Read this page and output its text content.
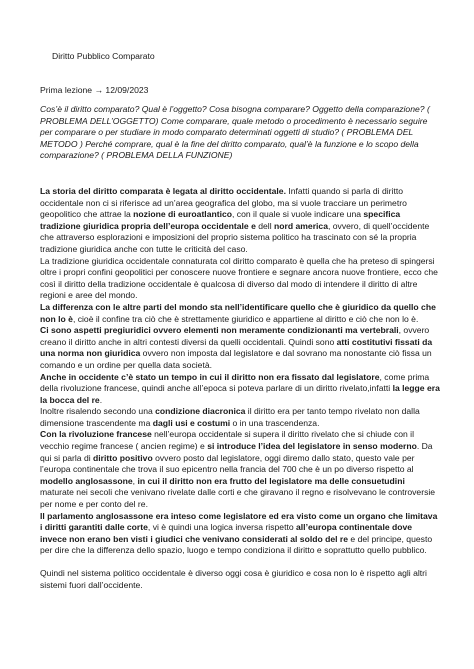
Diritto Pubblico Comparato
Prima lezione → 12/09/2023
Cos’è il diritto comparato? Qual è l’oggetto? Cosa bisogna comparare? Oggetto della comparazione? ( PROBLEMA DELL’OGGETTO) Come comparare, quale metodo o procedimento è necessario seguire per comparare o per studiare in modo comparato determinati oggetti di studio? ( PROBLEMA DEL METODO ) Perché comprare, qual è la fine del diritto comparato, qual’è la funzione e lo scopo della comparazione? ( PROBLEMA DELLA FUNZIONE)

La storia del diritto comparata è legata al diritto occidentale. Infatti quando si parla di diritto occidentale non ci si riferisce ad un’area geografica del globo, ma si vuole tracciare un perimetro geopolitico che attrae la nozione di euroatlantico, con il quale si vuole indicare una specifica tradizione giuridica propria dell’europa occidentale e dell nord america, ovvero, di quell’occidente che attraverso esplorazioni e imposizioni del proprio sistema politico ha trascinato con sé la propria tradizione giuridica anche con tutte le criticità del caso.

La tradizione giuridica occidentale connaturata col diritto comparato è quella che ha preteso di spingersi oltre i propri confini geopolitici per conoscere nuove frontiere e segnare ancora nuove frontiere, ecco che così il diritto della tradizione occidentale è qualcosa di diverso dal modo di intendere il diritto di altre regioni e aree del mondo.

La differenza con le altre parti del mondo sta nell’identificare quello che è giuridico da quello che non lo è, cioè il confine tra ciò che è strettamente giuridico e appartiene al diritto e ciò che non lo è.

Ci sono aspetti pregiuridici ovvero elementi non meramente condizionanti ma vertebrali, ovvero creano il diritto anche in altri contesti diversi da quelli occidentali. Quindi sono atti costitutivi fissati da una norma non giuridica ovvero non imposta dal legislatore e dal sovrano ma nonostante ciò fissa un comando e un ordine per quella data società.

Anche in occidente c’è stato un tempo in cui il diritto non era fissato dal legislatore, come prima della rivoluzione francese, quindi anche all’epoca si poteva parlare di un diritto rivelato,infatti la legge era la bocca del re.

Inoltre risalendo secondo una condizione diacronica il diritto era per tanto tempo rivelato non dalla dimensione trascendente ma dagli usi e costumi o in una trascendenza.

Con la rivoluzione francese nell’europa occidentale si supera il diritto rivelato che si chiude con il vecchio regime francese ( ancien regime) e si introduce l’idea del legislatore in senso moderno. Da qui si parla di diritto positivo ovvero posto dal legislatore, oggi diremo dallo stato, questo vale per l’europa continentale che trova il suo epicentro nella francia del 700 che è un po diverso rispetto al modello anglosassone, in cui il diritto non era frutto del legislatore ma delle consuetudini maturate nei secoli che venivano rivelate dalle corti e che giravano il regno e risolvevano le controversie per nome e per conto del re.

Il parlamento anglosassone era inteso come legislatore ed era visto come un organo che limitava i diritti garantiti dalle corte, vi è quindi una logica inversa rispetto all’europa continentale dove invece non erano ben visti i giudici che venivano considerati al soldo del re e del principe, questo per dire che la differenza dello spazio, luogo e tempo condiziona il diritto e soprattutto quello pubblico.

Quindi nel sistema politico occidentale è diverso oggi cosa è giuridico e cosa non lo è rispetto agli altri sistemi fuori dall’occidente.
